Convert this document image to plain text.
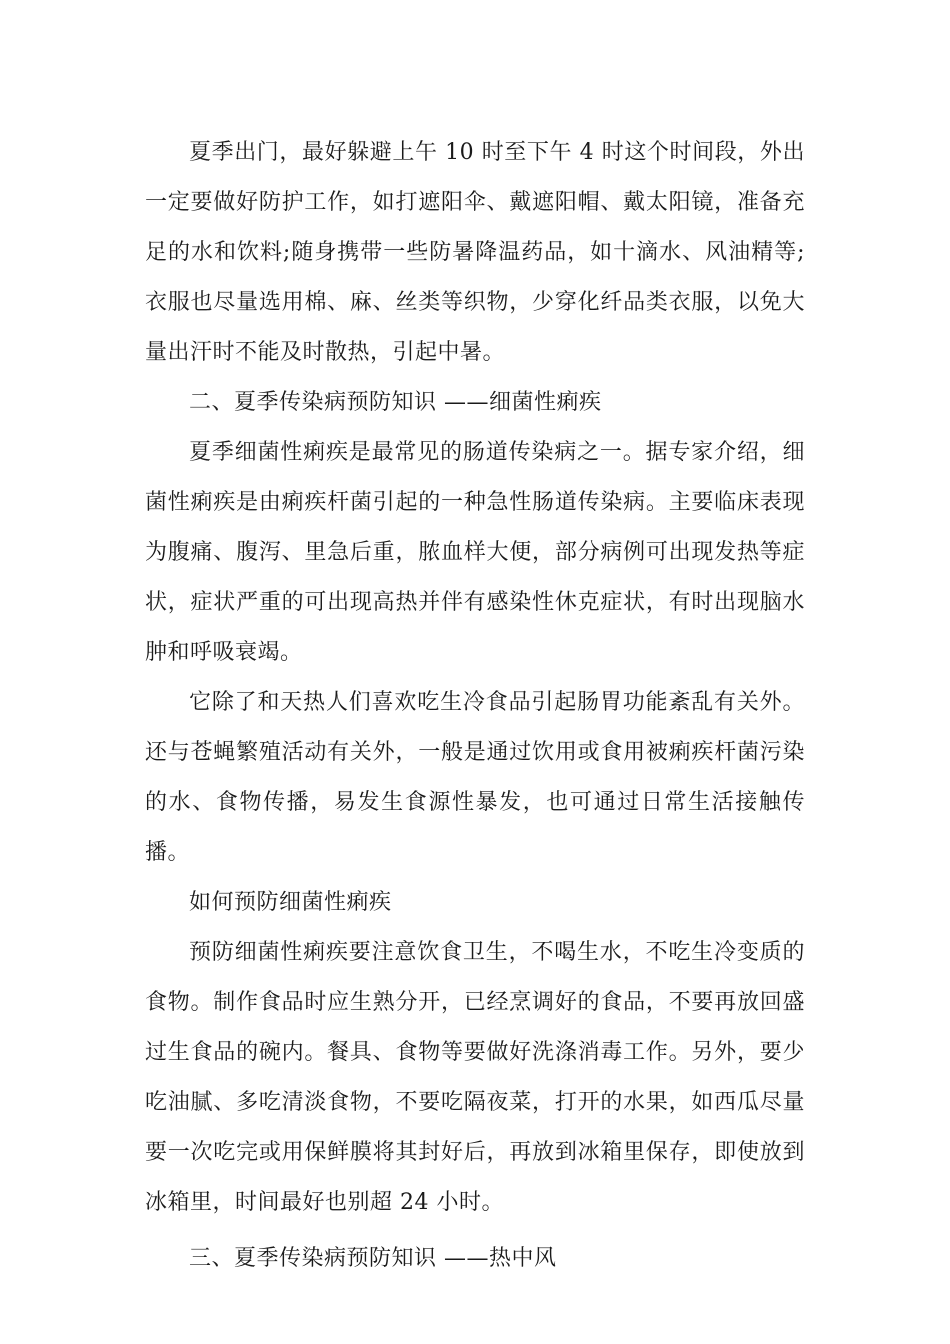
夏季出门，最好躲避上午 10 时至下午 4 时这个时间段，外出一定要做好防护工作，如打遮阳伞、戴遮阳帽、戴太阳镜，准备充足的水和饮料;随身携带一些防暑降温药品，如十滴水、风油精等;衣服也尽量选用棉、麻、丝类等织物，少穿化纤品类衣服，以免大量出汗时不能及时散热，引起中暑。

二、夏季传染病预防知识 ——细菌性痢疾

夏季细菌性痢疾是最常见的肠道传染病之一。据专家介绍，细菌性痢疾是由痢疾杆菌引起的一种急性肠道传染病。主要临床表现为腹痛、腹泻、里急后重，脓血样大便，部分病例可出现发热等症状，症状严重的可出现高热并伴有感染性休克症状，有时出现脑水肿和呼吸衰竭。

它除了和天热人们喜欢吃生冷食品引起肠胃功能紊乱有关外。还与苍蝇繁殖活动有关外，一般是通过饮用或食用被痢疾杆菌污染的水、食物传播，易发生食源性暴发，也可通过日常生活接触传播。

如何预防细菌性痢疾

预防细菌性痢疾要注意饮食卫生，不喝生水，不吃生冷变质的食物。制作食品时应生熟分开，已经烹调好的食品，不要再放回盛过生食品的碗内。餐具、食物等要做好洗涤消毒工作。另外，要少吃油腻、多吃清淡食物，不要吃隔夜菜，打开的水果，如西瓜尽量要一次吃完或用保鲜膜将其封好后，再放到冰箱里保存，即使放到冰箱里，时间最好也别超 24 小时。

三、夏季传染病预防知识 ——热中风
